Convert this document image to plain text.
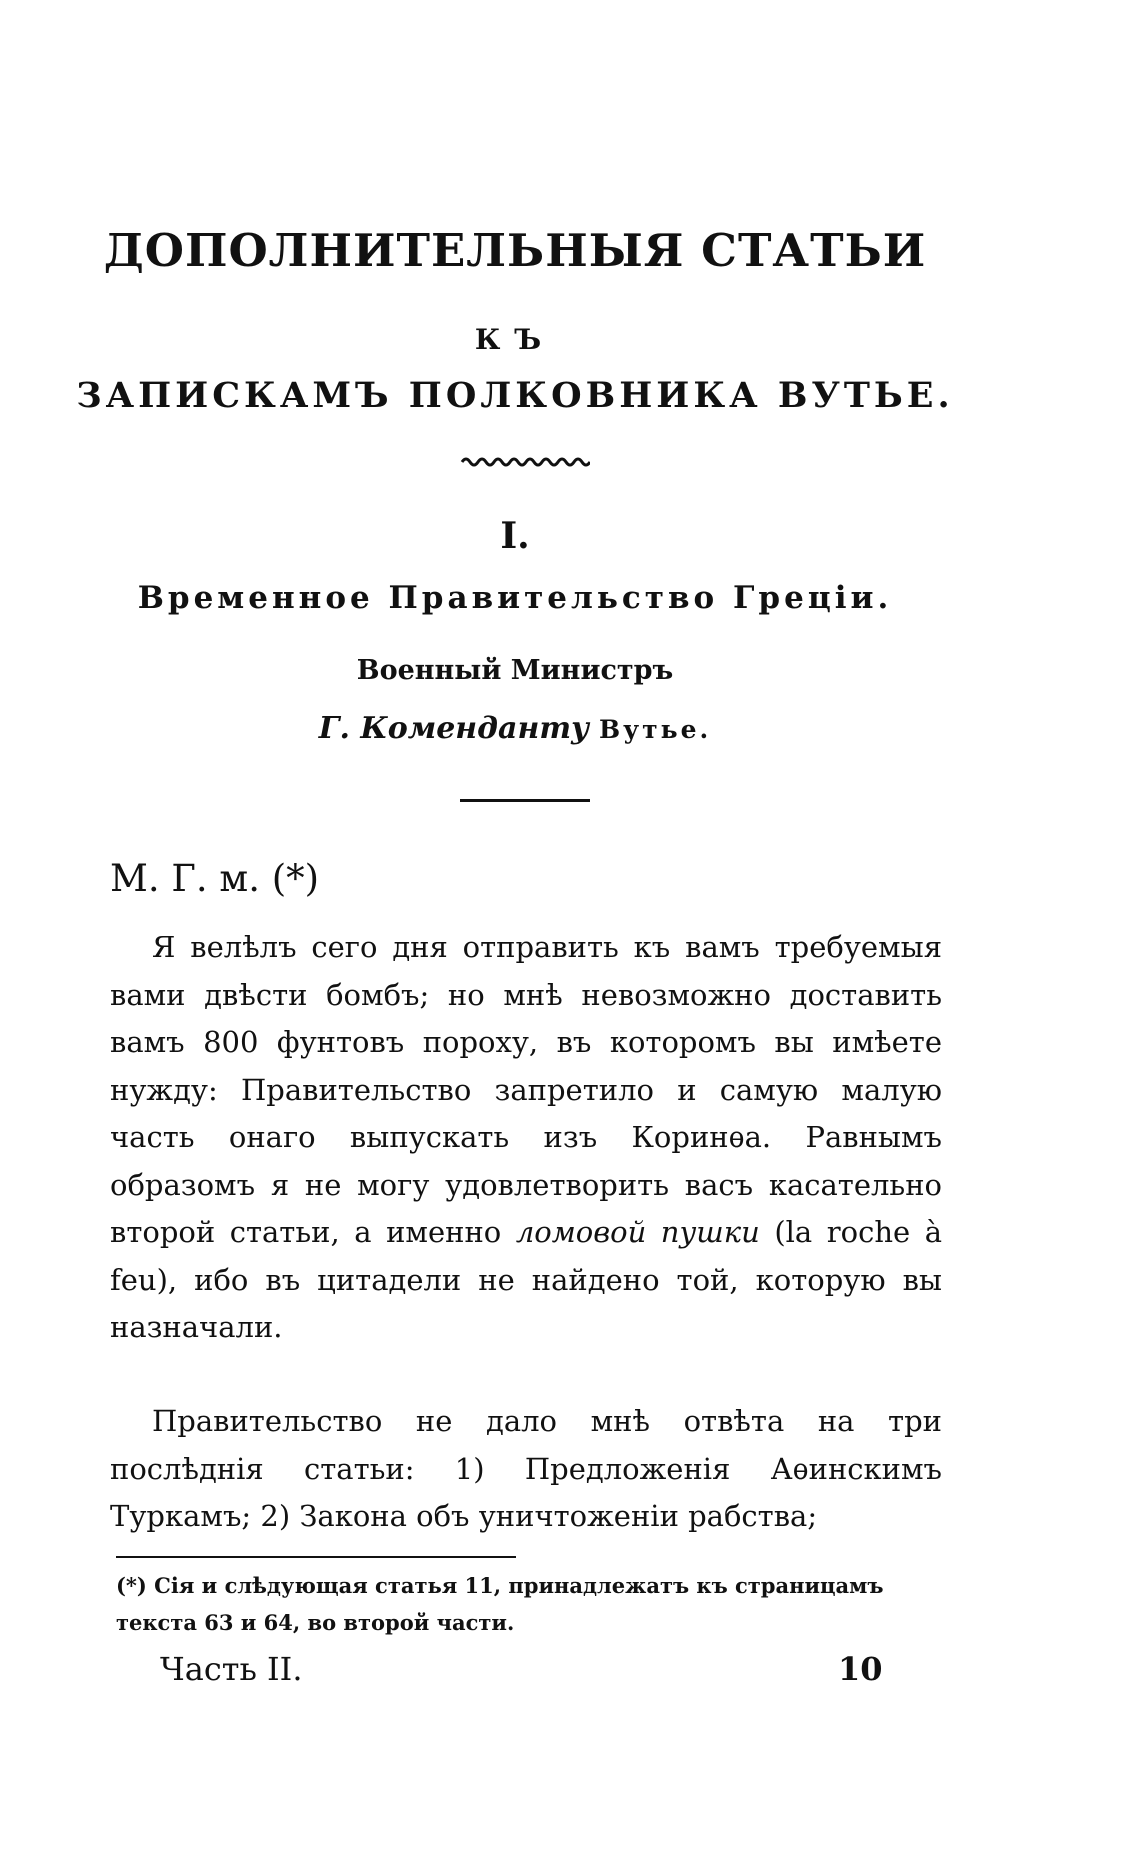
ДОПОЛНИТЕЛЬНЫЯ СТАТЬИ
КЪ
ЗАПИСКАМЪ ПОЛКОВНИКА ВУТЬЕ.
I.
Временное Правительство Грецiи.
Военный Министръ
Г. Комендантy Вутье.
М. Г. м. (*)
Я велѣлъ сего дня отправить къ вамъ требуемыя вами двѣсти бомбъ; но мнѣ невозможно доставить вамъ 800 фунтовъ пороху, въ которомъ вы имѣете нужду: Правительство запретило и самую малую часть онаго выпускать изъ Коринѳа. Равнымъ образомъ я не могу удовлетворить васъ касательно второй статьи, а именно ломовой пушки (la roche à feu), ибо въ цитадели не найдено той, которую вы назначали.
Правительство не дало мнѣ отвѣта на три послѣднiя статьи: 1) Предложенiя Аѳинскимъ Туркамъ; 2) Закона объ уничтоженiи рабства;
(*) Сiя и слѣдующая статья 11, принадлежатъ къ страницамъ текста 63 и 64, во второй части.
Часть II.	10
